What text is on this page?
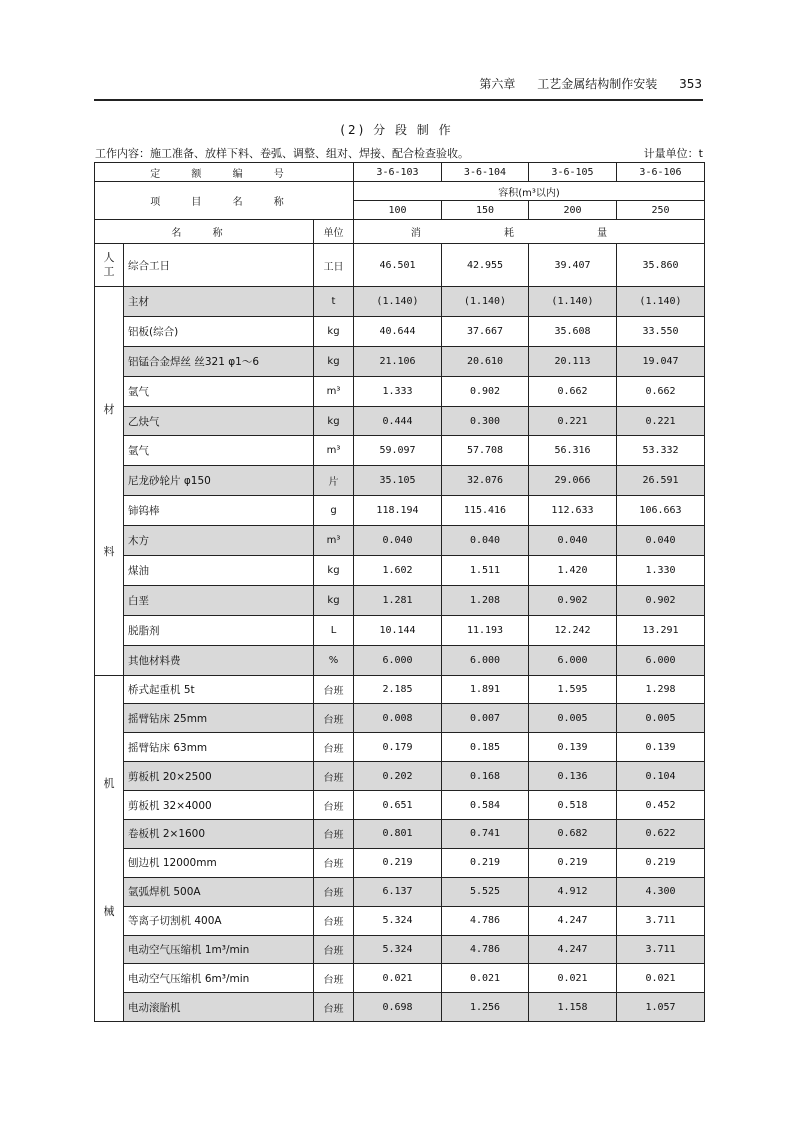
第六章 工艺金属结构制作安装 353
(2) 分 段 制 作
工作内容：施工准备、放样下料、卷弧、调整、组对、焊接、配合检查验收。	计量单位：t
定 额 编 号			3-6-103	3-6-104	3-6-105	3-6-106
项 目 名 称			容积(m³以内)			
			100	150	200	250
名 称		单位	消 耗 量			

人
工	综合工日	工日	46.501	42.955	39.407	35.860

材
料	主材	t	(1.140)	(1.140)	(1.140)	(1.140)
	铝板(综合)	kg	40.644	37.667	35.608	33.550
	铝锰合金焊丝 丝321 φ1～6	kg	21.106	20.610	20.113	19.047
	氩气	m³	1.333	0.902	0.662	0.662
	乙炔气	kg	0.444	0.300	0.221	0.221
	氩气	m³	59.097	57.708	56.316	53.332
	尼龙砂轮片 φ150	片	35.105	32.076	29.066	26.591
	铈钨棒	g	118.194	115.416	112.633	106.663
	木方	m³	0.040	0.040	0.040	0.040
	煤油	kg	1.602	1.511	1.420	1.330
	白垩	kg	1.281	1.208	0.902	0.902
	脱脂剂	L	10.144	11.193	12.242	13.291
	其他材料费	%	6.000	6.000	6.000	6.000

机
械	桥式起重机 5t	台班	2.185	1.891	1.595	1.298
	摇臂钻床 25mm	台班	0.008	0.007	0.005	0.005
	摇臂钻床 63mm	台班	0.179	0.185	0.139	0.139
	剪板机 20×2500	台班	0.202	0.168	0.136	0.104
	剪板机 32×4000	台班	0.651	0.584	0.518	0.452
	卷板机 2×1600	台班	0.801	0.741	0.682	0.622
	刨边机 12000mm	台班	0.219	0.219	0.219	0.219
	氩弧焊机 500A	台班	6.137	5.525	4.912	4.300
	等离子切割机 400A	台班	5.324	4.786	4.247	3.711
	电动空气压缩机 1m³/min	台班	5.324	4.786	4.247	3.711
	电动空气压缩机 6m³/min	台班	0.021	0.021	0.021	0.021
	电动滚胎机	台班	0.698	1.256	1.158	1.057
